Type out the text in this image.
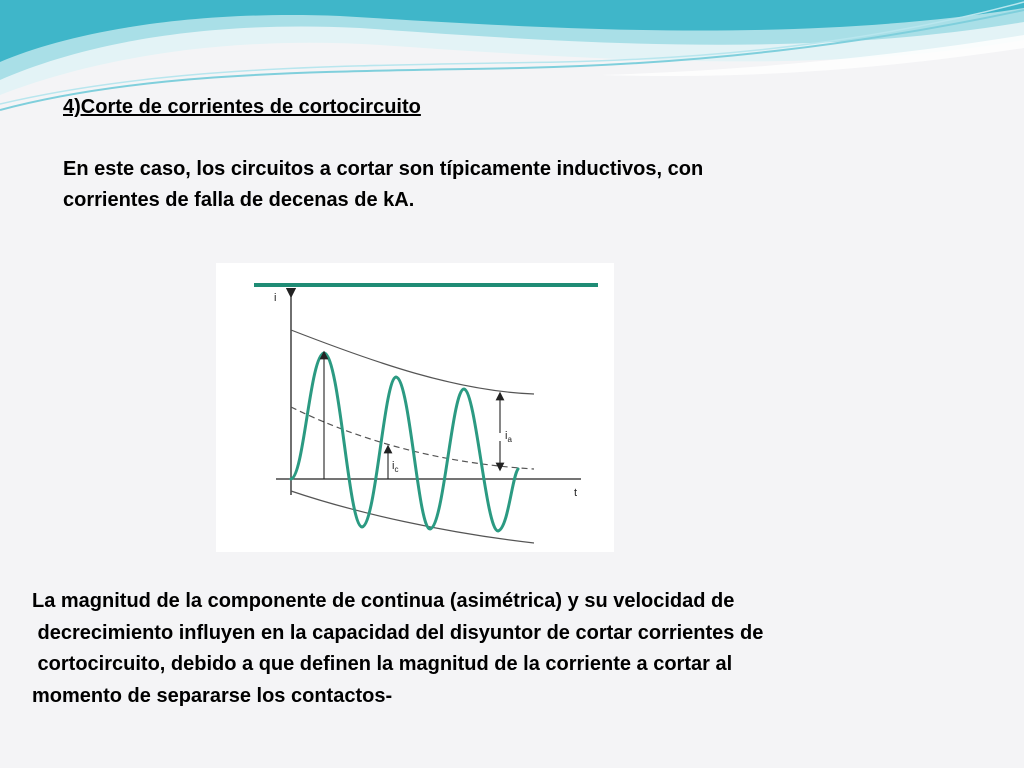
4)Corte de corrientes de cortocircuito
En este caso, los circuitos a cortar son típicamente inductivos, con
corrientes de falla de decenas de kA.
i
t
$i_a$
$i_c$
La magnitud de la componente de continua (asimétrica) y su velocidad de
decrecimiento influyen en la capacidad del disyuntor de cortar corrientes de
cortocircuito, debido a que definen la magnitud de la corriente a cortar al
momento de separarse los contactos-
